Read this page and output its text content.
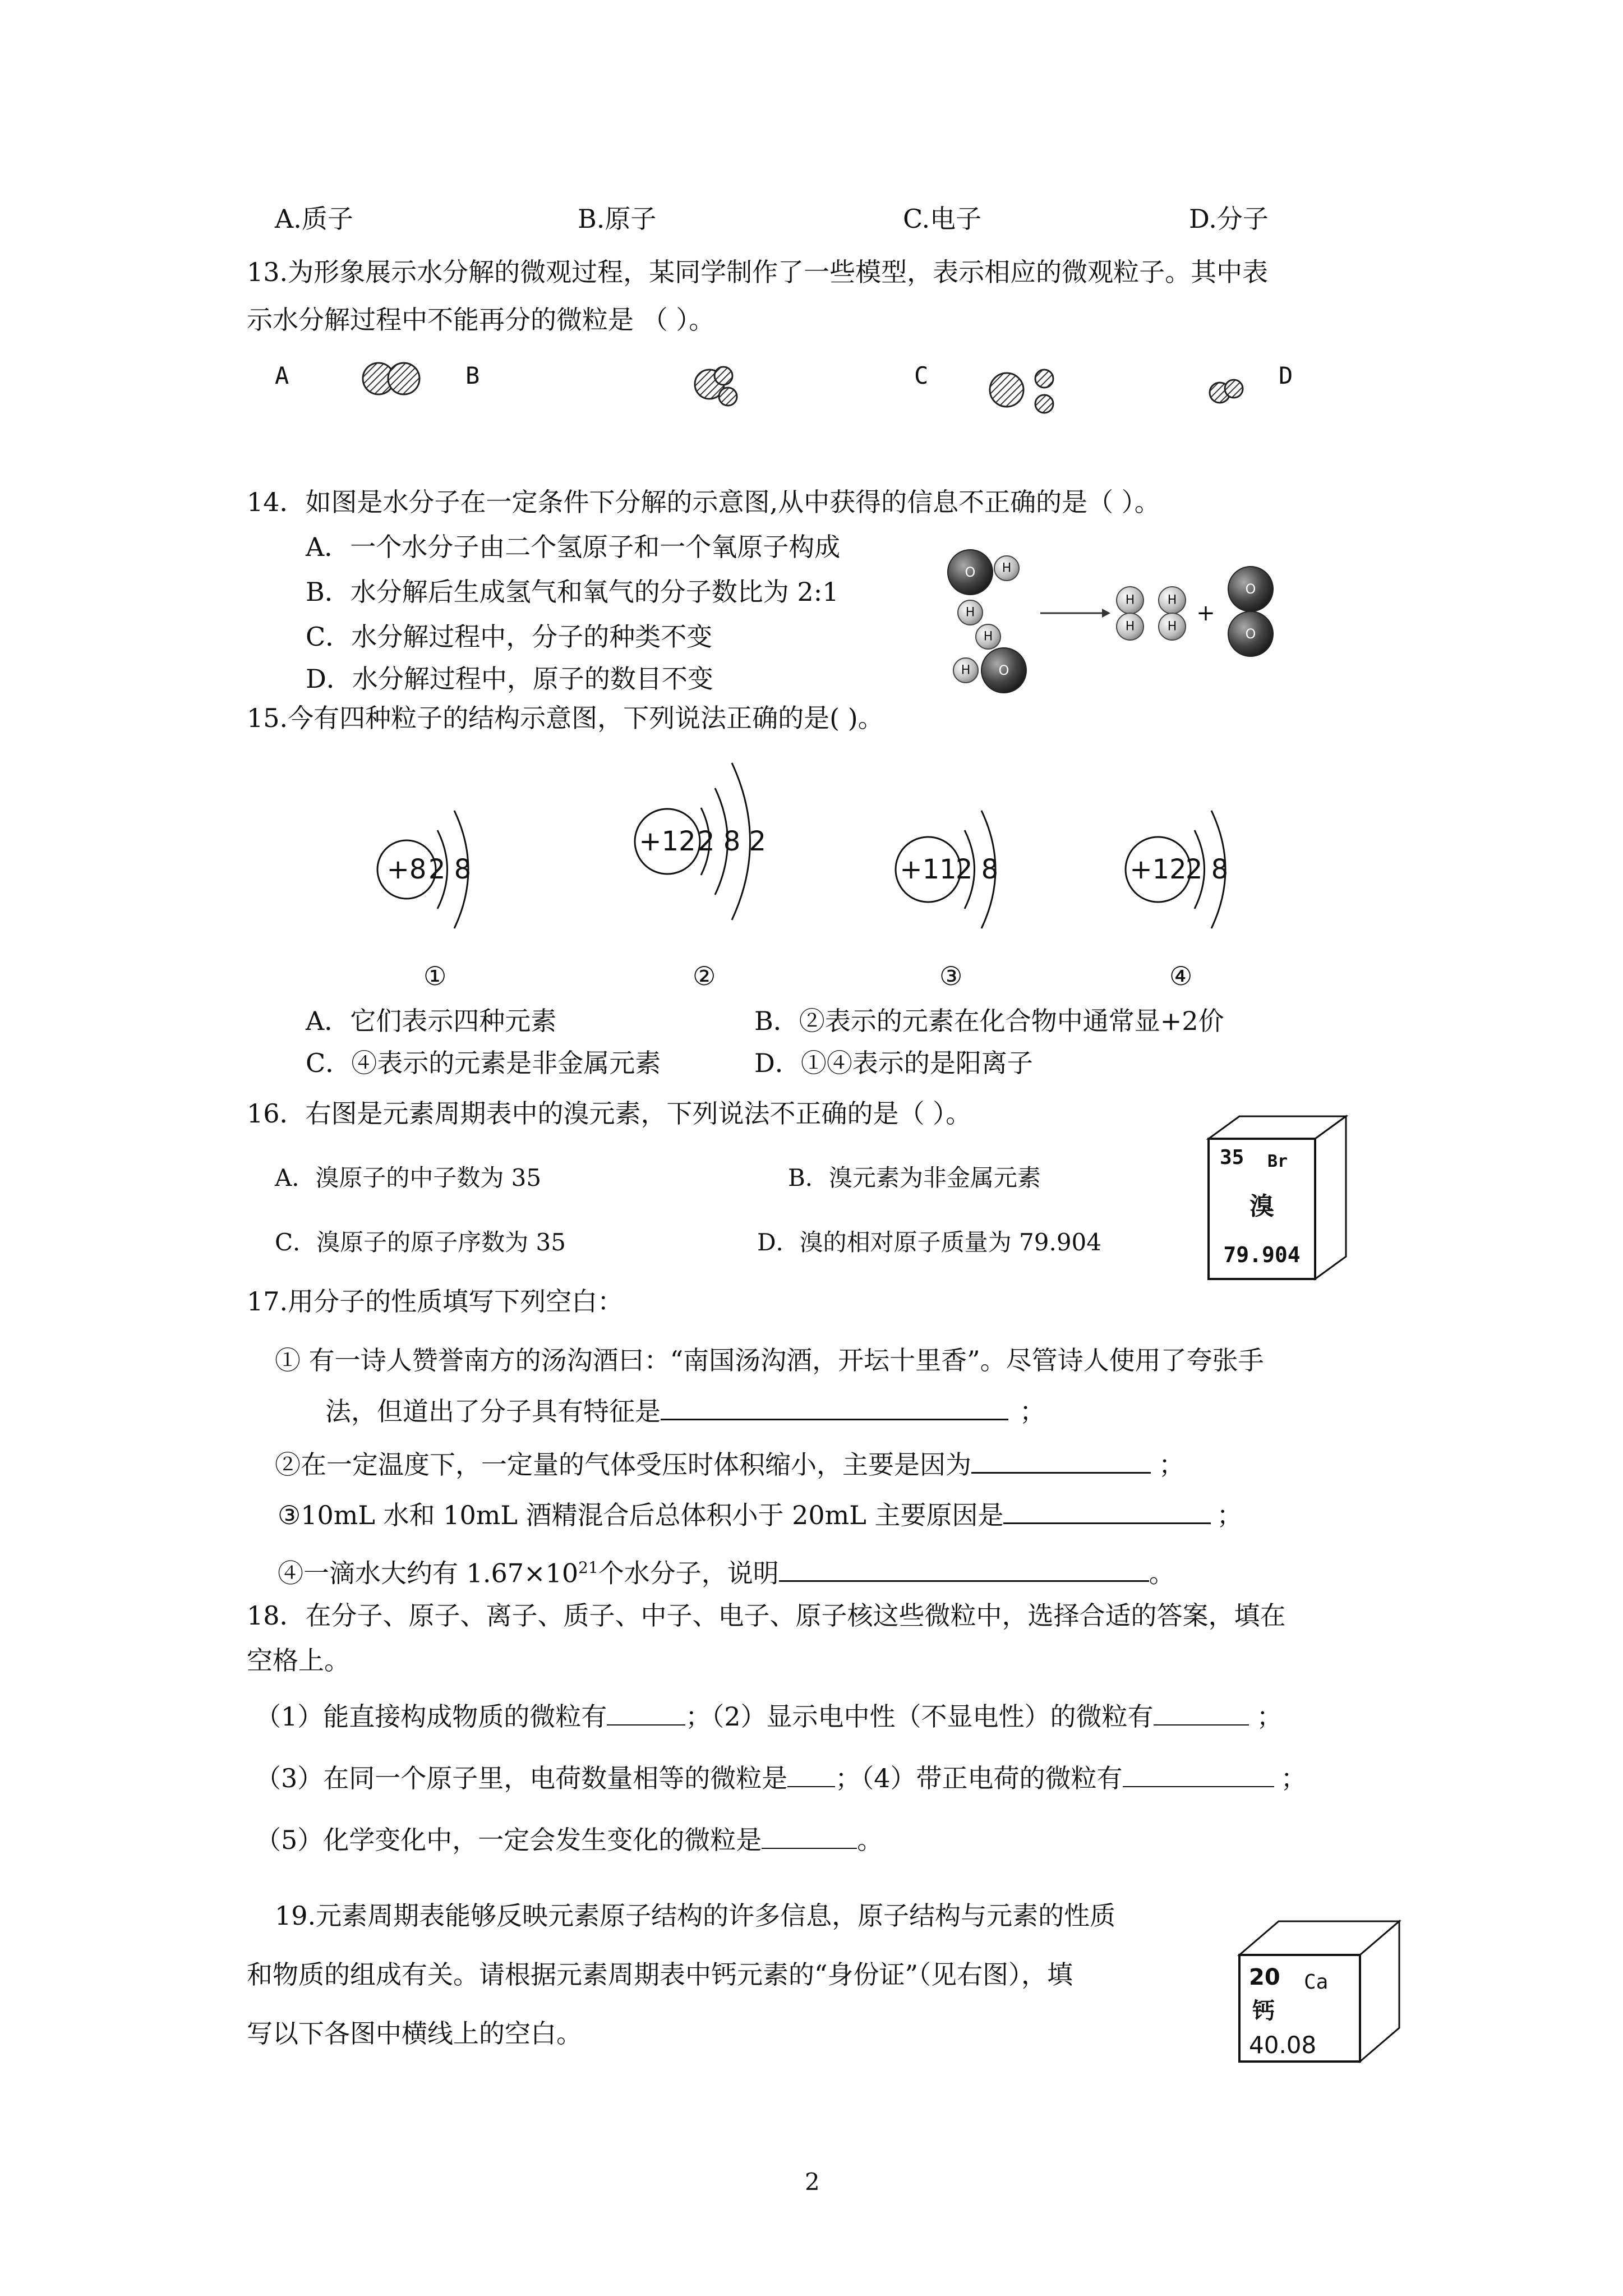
A.质子	B.原子	C.电子	D.分子
13.为形象展示水分解的微观过程，某同学制作了一些模型，表示相应的微观粒子。其中表
示水分解过程中不能再分的微粒是 （ ）。
A	B	C	D
14．如图是水分子在一定条件下分解的示意图,从中获得的信息不正确的是（ ）。
A．一个水分子由二个氢原子和一个氧原子构成
B．水分解后生成氢气和氧气的分子数比为 2:1
C．水分解过程中，分子的种类不变
D．水分解过程中，原子的数目不变
O H
H
H
H O
H
H
H
H
+
O
O
15.今有四种粒子的结构示意图，下列说法正确的是( )。
+8 2 8
+12 2 8 2
+11
2 8	+12
2 8
①	②	③	④
A．它们表示四种元素	B．②表示的元素在化合物中通常显+2价
C．④表示的元素是非金属元素	D．①④表示的是阳离子
16．右图是元素周期表中的溴元素，下列说法不正确的是（ ）。
A．溴原子的中子数为 35	B．溴元素为非金属元素
C．溴原子的原子序数为 35	D．溴的相对原子质量为 79.904
35 Br
溴
79.904
17.用分子的性质填写下列空白：
① 有一诗人赞誉南方的汤沟酒曰：“南国汤沟酒，开坛十里香”。尽管诗人使用了夸张手
法，但道出了分子具有特征是	；
②在一定温度下，一定量的气体受压时体积缩小，主要是因为	；
③10mL 水和 10mL 酒精混合后总体积小于 20mL 主要原因是	；
④一滴水大约有 $1.67\times 10^{21}$个水分子，说明	。
18．在分子、原子、离子、质子、中子、电子、原子核这些微粒中，选择合适的答案，填在
空格上。
（1）能直接构成物质的微粒有	；（2）显示电中性（不显电性）的微粒有	；
（3）在同一个原子里，电荷数量相等的微粒是 ；（4）带正电荷的微粒有	；
（5）化学变化中，一定会发生变化的微粒是	。
19.元素周期表能够反映元素原子结构的许多信息，原子结构与元素的性质
和物质的组成有关。请根据元素周期表中钙元素的“身份证”（见右图），填
写以下各图中横线上的空白。
20 Ca
钙
40.08
2
